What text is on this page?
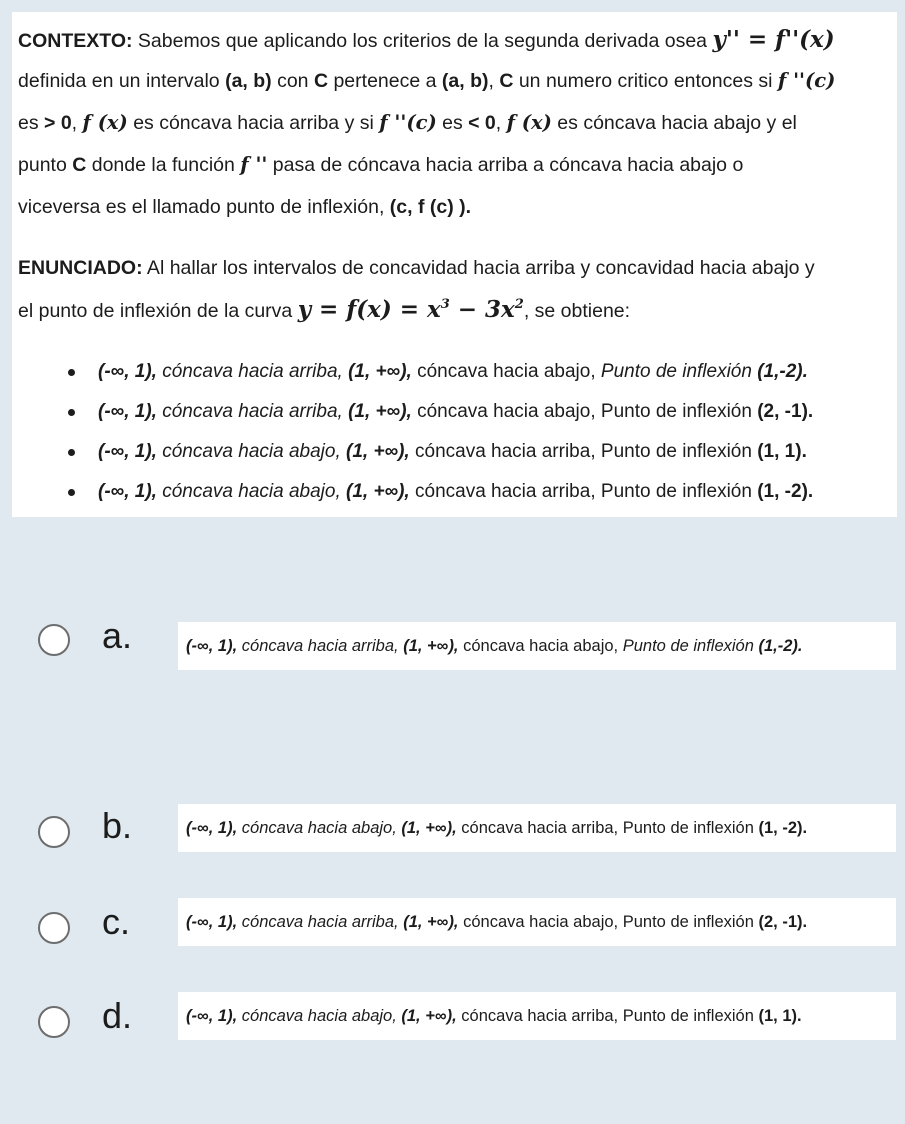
CONTEXTO: Sabemos que aplicando los criterios de la segunda derivada osea y'' = f''(x)
definida en un intervalo (a, b) con C pertenece a (a, b), C un numero critico entonces si f ''(c)
es > 0, f (x) es cóncava hacia arriba y si f ''(c) es < 0, f (x) es cóncava hacia abajo y el
punto C donde la función f '' pasa de cóncava hacia arriba a cóncava hacia abajo o
viceversa es el llamado punto de inflexión, (c, f (c) ).
ENUNCIADO: Al hallar los intervalos de concavidad hacia arriba y concavidad hacia abajo y
el punto de inflexión de la curva $y = f(x) = x^3 - 3x^2$, se obtiene:
(-∞, 1), cóncava hacia arriba, (1, +∞), cóncava hacia abajo, Punto de inflexión (1,-2).
(-∞, 1), cóncava hacia arriba, (1, +∞), cóncava hacia abajo, Punto de inflexión (2, -1).
(-∞, 1), cóncava hacia abajo, (1, +∞), cóncava hacia arriba, Punto de inflexión (1, 1).
(-∞, 1), cóncava hacia abajo, (1, +∞), cóncava hacia arriba, Punto de inflexión (1, -2).
a.	(-∞, 1), cóncava hacia arriba, (1, +∞), cóncava hacia abajo, Punto de inflexión (1,-2).
b.	(-∞, 1), cóncava hacia abajo, (1, +∞), cóncava hacia arriba, Punto de inflexión (1, -2).
c.	(-∞, 1), cóncava hacia arriba, (1, +∞), cóncava hacia abajo, Punto de inflexión (2, -1).
d.	(-∞, 1), cóncava hacia abajo, (1, +∞), cóncava hacia arriba, Punto de inflexión (1, 1).
